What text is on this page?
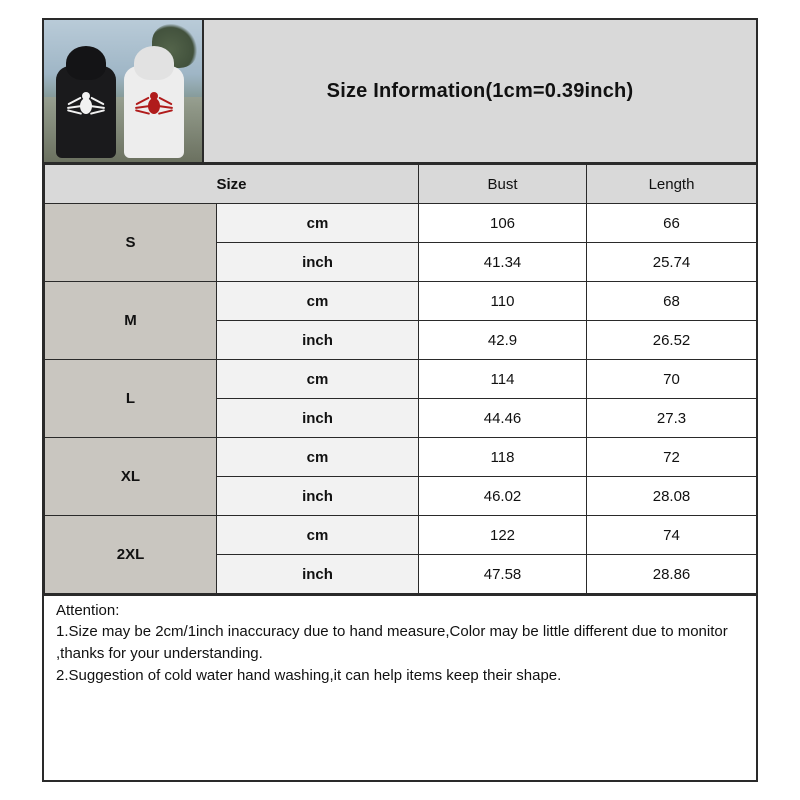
Size Information(1cm=0.39inch)
Size		Bust	Length
S	cm	106	66
	inch	41.34	25.74
M	cm	110	68
	inch	42.9	26.52
L	cm	114	70
	inch	44.46	27.3
XL	cm	118	72
	inch	46.02	28.08
2XL	cm	122	74
	inch	47.58	28.86
Attention:

1.Size may be 2cm/1inch inaccuracy due to hand measure,Color may be little different due to monitor ,thanks for your understanding.

2.Suggestion of cold water hand washing,it can help items keep their shape.
